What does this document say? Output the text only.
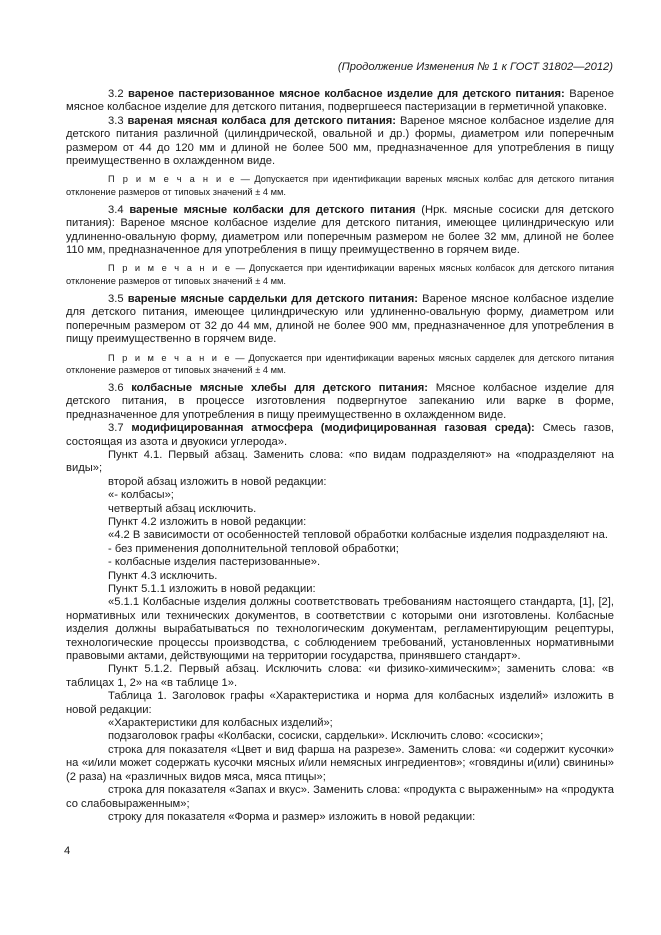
(Продолжение Изменения № 1 к ГОСТ 31802—2012)

3.2 вареное пастеризованное мясное колбасное изделие для детского питания: Вареное мясное колбасное изделие для детского питания, подвергшееся пастеризации в герметичной упаковке.

3.3 вареная мясная колбаса для детского питания: Вареное мясное колбасное изделие для детского питания различной (цилиндрической, овальной и др.) формы, диаметром или поперечным размером от 44 до 120 мм и длиной не более 500 мм, предназначенное для употребления в пищу преимущественно в охлажденном виде.

П р и м е ч а н и е — Допускается при идентификации вареных мясных колбас для детского питания отклонение размеров от типовых значений ± 4 мм.

3.4 вареные мясные колбаски для детского питания (Нрк. мясные сосиски для детского питания): Вареное мясное колбасное изделие для детского питания, имеющее цилиндрическую или удлиненно-овальную форму, диаметром или поперечным размером не более 32 мм, длиной не более 110 мм, предназначенное для употребления в пищу преимущественно в горячем виде.

П р и м е ч а н и е — Допускается при идентификации вареных мясных колбасок для детского питания отклонение размеров от типовых значений ± 4 мм.

3.5 вареные мясные сардельки для детского питания: Вареное мясное колбасное изделие для детского питания, имеющее цилиндрическую или удлиненно-овальную форму, диаметром или поперечным размером от 32 до 44 мм, длиной не более 900 мм, предназначенное для употребления в пищу преимущественно в горячем виде.

П р и м е ч а н и е — Допускается при идентификации вареных мясных сарделек для детского питания отклонение размеров от типовых значений ± 4 мм.

3.6 колбасные мясные хлебы для детского питания: Мясное колбасное изделие для детского питания, в процессе изготовления подвергнутое запеканию или варке в форме, предназначенное для употребления в пищу преимущественно в охлажденном виде.

3.7 модифицированная атмосфера (модифицированная газовая среда): Смесь газов, состоящая из азота и двуокиси углерода».

Пункт 4.1. Первый абзац. Заменить слова: «по видам подразделяют» на «подразделяют на виды»;

второй абзац изложить в новой редакции:

«- колбасы»;

четвертый абзац исключить.

Пункт 4.2 изложить в новой редакции:

«4.2 В зависимости от особенностей тепловой обработки колбасные изделия подразделяют на.

- без применения дополнительной тепловой обработки;

- колбасные изделия пастеризованные».

Пункт 4.3 исключить.

Пункт 5.1.1 изложить в новой редакции:

«5.1.1 Колбасные изделия должны соответствовать требованиям настоящего стандарта, [1], [2], нормативных или технических документов, в соответствии с которыми они изготовлены. Колбасные изделия должны вырабатываться по технологическим документам, регламентирующим рецептуры, технологические процессы производства, с соблюдением требований, установленных нормативными правовыми актами, действующими на территории государства, принявшего стандарт».

Пункт 5.1.2. Первый абзац. Исключить слова: «и физико-химическим»; заменить слова: «в таблицах 1, 2» на «в таблице 1».

Таблица 1. Заголовок графы «Характеристика и норма для колбасных изделий» изложить в новой редакции:

«Характеристики для колбасных изделий»;

подзаголовок графы «Колбаски, сосиски, сардельки». Исключить слово: «сосиски»;

строка для показателя «Цвет и вид фарша на разрезе». Заменить слова: «и содержит кусочки» на «и/или может содержать кусочки мясных и/или немясных ингредиентов»; «говядины и(или) свинины» (2 раза) на «различных видов мяса, мяса птицы»;

строка для показателя «Запах и вкус». Заменить слова: «продукта с выраженным» на «продукта со слабовыраженным»;

строку для показателя «Форма и размер» изложить в новой редакции:

4
